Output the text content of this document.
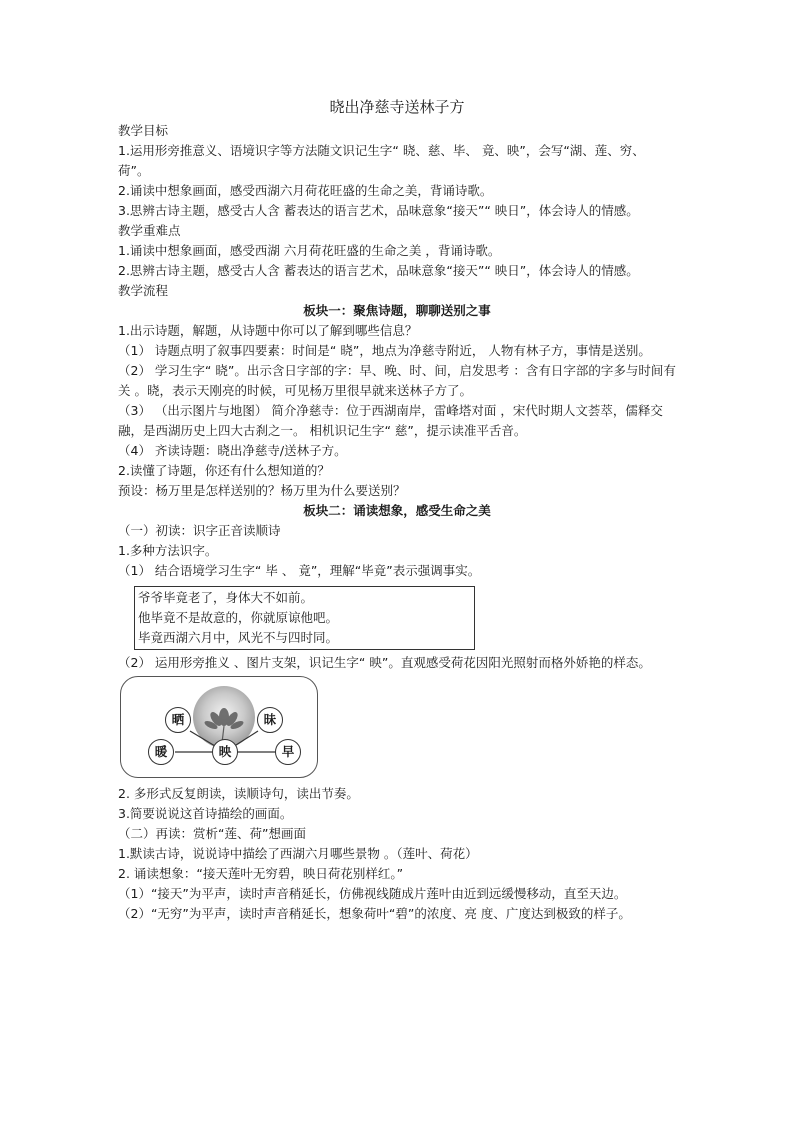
晓出净慈寺送林子方

教学目标

1.运用形旁推意义、语境识字等方法随文识记生字“ 晓、慈、毕、 竟、映”，会写“湖、莲、穷、荷”。

2.诵读中想象画面，感受西湖六月荷花旺盛的生命之美，背诵诗歌。

3.思辨古诗主题，感受古人含 蓄表达的语言艺术，品味意象“接天”“ 映日”，体会诗人的情感。

教学重难点

1.诵读中想象画面，感受西湖 六月荷花旺盛的生命之美 ，背诵诗歌。

2.思辨古诗主题，感受古人含 蓄表达的语言艺术，品味意象“接天”“ 映日”，体会诗人的情感。

教学流程

板块一：聚焦诗题，聊聊送别之事

1.出示诗题，解题，从诗题中你可以了解到哪些信息？

（1） 诗题点明了叙事四要素：时间是“ 晓”，地点为净慈寺附近， 人物有林子方，事情是送别。

（2） 学习生字“ 晓”。出示含日字部的字：早、晚、时、间，启发思考 ：含有日字部的字多与时间有关 。晓，表示天刚亮的时候，可见杨万里很早就来送林子方了。

（3） （出示图片与地图） 简介净慈寺：位于西湖南岸，雷峰塔对面 ，宋代时期人文荟萃，儒释交融，是西湖历史上四大古刹之一。 相机识记生字“ 慈”，提示读准平舌音。

（4） 齐读诗题：晓出净慈寺/送林子方。

2.读懂了诗题，你还有什么想知道的？

预设：杨万里是怎样送别的？杨万里为什么要送别？

板块二：诵读想象，感受生命之美

（一）初读：识字正音读顺诗

1.多种方法识字。

（1） 结合语境学习生字“ 毕 、 竟”，理解“毕竟”表示强调事实。

爷爷毕竟老了，身体大不如前。

他毕竟不是故意的，你就原谅他吧。

毕竟西湖六月中，风光不与四时同。

（2） 运用形旁推义 、图片支架，识记生字“ 映”。直观感受荷花因阳光照射而格外娇艳的样态。

晒	昧
暖	映	早

2. 多形式反复朗读，读顺诗句，读出节奏。

3.简要说说这首诗描绘的画面。

（二）再读：赏析“莲、荷”想画面

1.默读古诗，说说诗中描绘了西湖六月哪些景物 。（莲叶、荷花）

2. 诵读想象：“接天莲叶无穷碧，映日荷花别样红。”

（1）“接天”为平声，读时声音稍延长，仿佛视线随成片莲叶由近到远缓慢移动，直至天边。

（2）“无穷”为平声，读时声音稍延长，想象荷叶“碧”的浓度、亮 度、广度达到极致的样子。
